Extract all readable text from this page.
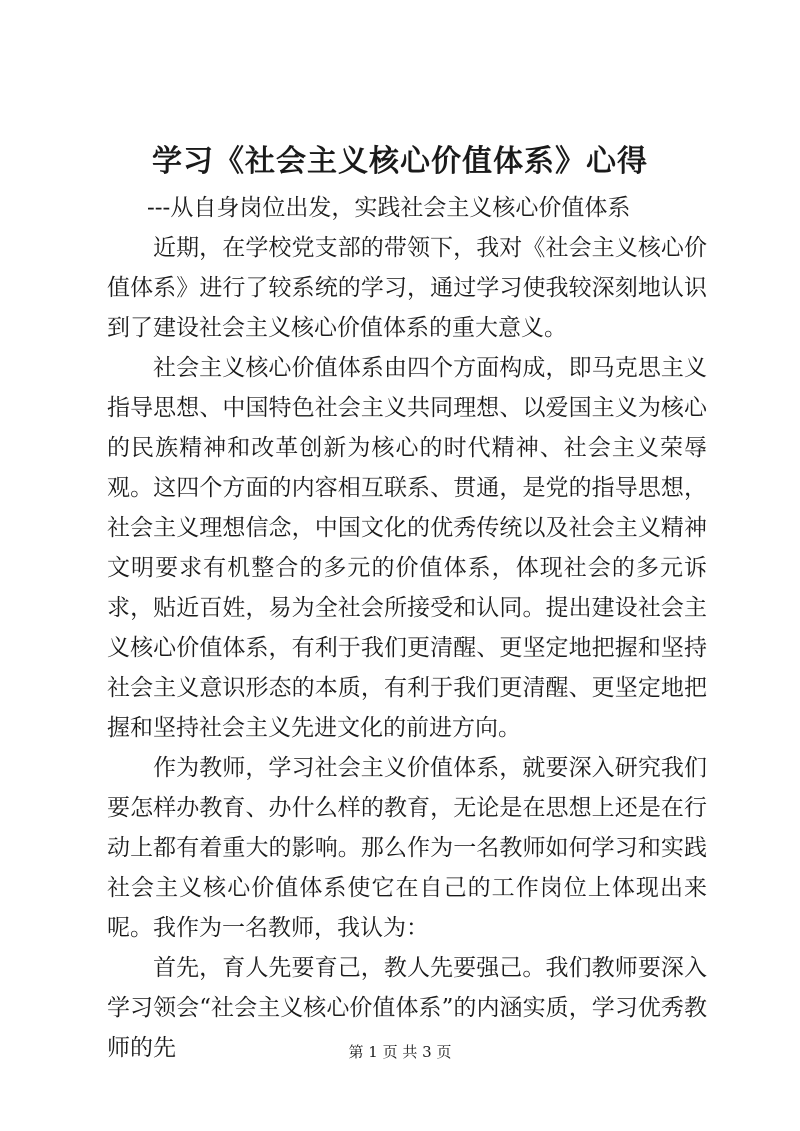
学习《社会主义核心价值体系》心得
---从自身岗位出发，实践社会主义核心价值体系

近期，在学校党支部的带领下，我对《社会主义核心价值体系》进行了较系统的学习，通过学习使我较深刻地认识到了建设社会主义核心价值体系的重大意义。

社会主义核心价值体系由四个方面构成，即马克思主义指导思想、中国特色社会主义共同理想、以爱国主义为核心的民族精神和改革创新为核心的时代精神、社会主义荣辱观。这四个方面的内容相互联系、贯通，是党的指导思想，社会主义理想信念，中国文化的优秀传统以及社会主义精神文明要求有机整合的多元的价值体系，体现社会的多元诉求，贴近百姓，易为全社会所接受和认同。提出建设社会主义核心价值体系，有利于我们更清醒、更坚定地把握和坚持社会主义意识形态的本质，有利于我们更清醒、更坚定地把握和坚持社会主义先进文化的前进方向。

作为教师，学习社会主义价值体系，就要深入研究我们要怎样办教育、办什么样的教育，无论是在思想上还是在行动上都有着重大的影响。那么作为一名教师如何学习和实践社会主义核心价值体系使它在自己的工作岗位上体现出来呢。我作为一名教师，我认为：

首先，育人先要育己，教人先要强己。我们教师要深入学习领会“社会主义核心价值体系”的内涵实质，学习优秀教师的先	第 1 页 共 3 页
